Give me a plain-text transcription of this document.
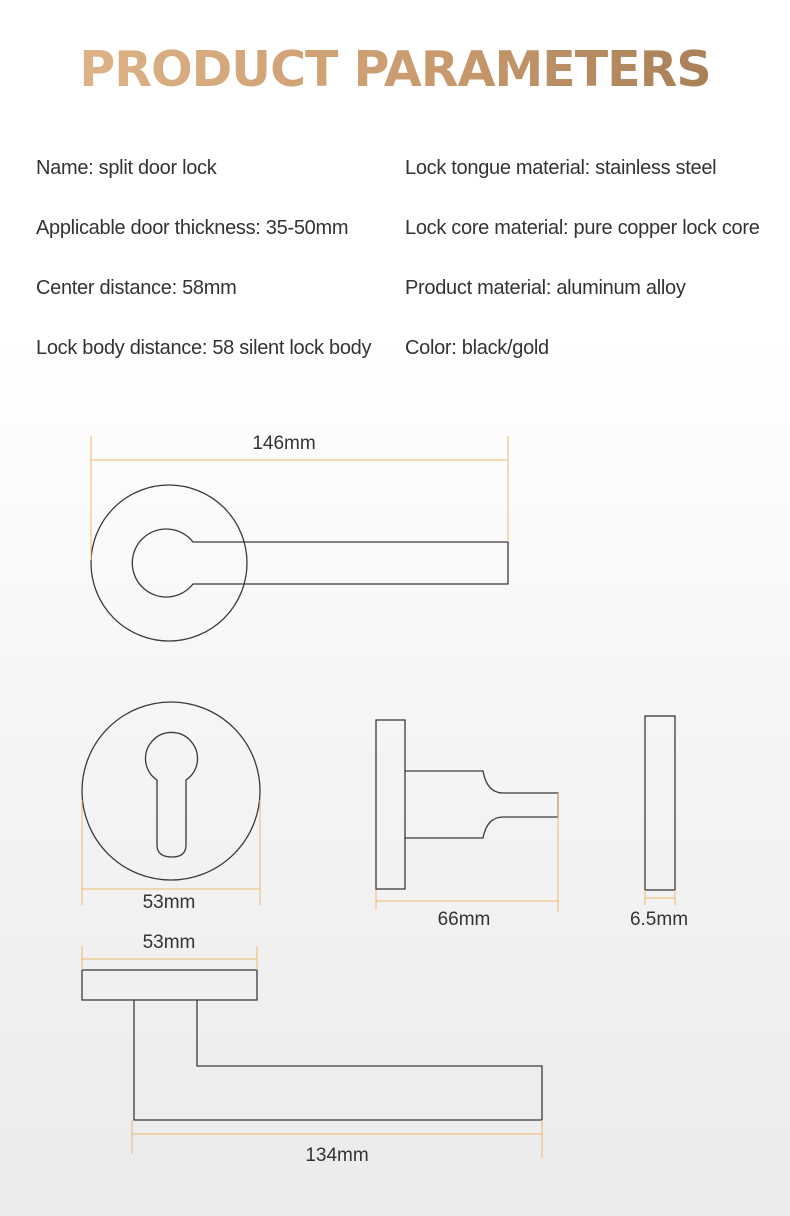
PRODUCT PARAMETERS
Name: split door lock
Applicable door thickness: 35-50mm
Center distance: 58mm
Lock body distance: 58 silent lock body
Lock tongue material: stainless steel
Lock core material: pure copper lock core
Product material: aluminum alloy
Color: black/gold
146mm
53mm
66mm	6.5mm
53mm
134mm
